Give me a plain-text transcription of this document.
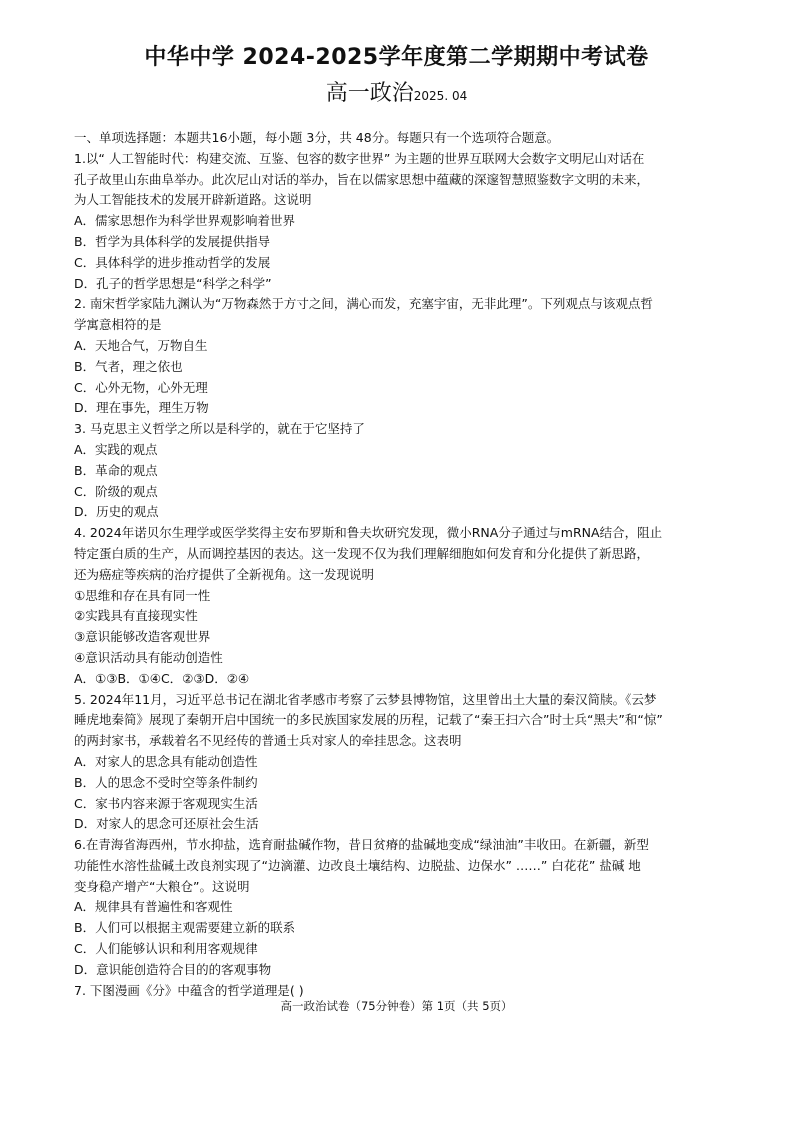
中华中学 2024-2025学年度第二学期期中考试卷
高一政治2025. 04
一、单项选择题：本题共16小题，每小题 3分，共 48分。每题只有一个选项符合题意。
1.以“ 人工智能时代：构建交流、互鉴、包容的数字世界” 为主题的世界互联网大会数字文明尼山对话在
孔子故里山东曲阜举办。此次尼山对话的举办，旨在以儒家思想中蕴藏的深邃智慧照鉴数字文明的未来，
为人工智能技术的发展开辟新道路。这说明
A．儒家思想作为科学世界观影响着世界
B．哲学为具体科学的发展提供指导
C．具体科学的进步推动哲学的发展
D．孔子的哲学思想是“科学之科学”
2. 南宋哲学家陆九渊认为“万物森然于方寸之间，满心而发，充塞宇宙，无非此理”。下列观点与该观点哲
学寓意相符的是
A．天地合气，万物自生
B．气者，理之依也
C．心外无物，心外无理
D．理在事先，理生万物
3. 马克思主义哲学之所以是科学的，就在于它坚持了
A．实践的观点
B．革命的观点
C．阶级的观点
D．历史的观点
4. 2024年诺贝尔生理学或医学奖得主安布罗斯和鲁夫坎研究发现，微小RNA分子通过与mRNA结合，阻止
特定蛋白质的生产，从而调控基因的表达。这一发现不仅为我们理解细胞如何发育和分化提供了新思路，
还为癌症等疾病的治疗提供了全新视角。这一发现说明
①思维和存在具有同一性
②实践具有直接现实性
③意识能够改造客观世界
④意识活动具有能动创造性
A．①③B．①④C．②③D．②④
5. 2024年11月，习近平总书记在湖北省孝感市考察了云梦县博物馆，这里曾出土大量的秦汉简牍。《云梦
睡虎地秦简》展现了秦朝开启中国统一的多民族国家发展的历程，记载了“秦王扫六合”时士兵“黑夫”和“惊”
的两封家书，承载着名不见经传的普通士兵对家人的牵挂思念。这表明
A．对家人的思念具有能动创造性
B．人的思念不受时空等条件制约
C．家书内容来源于客观现实生活
D．对家人的思念可还原社会生活
6.在青海省海西州，节水抑盐，选育耐盐碱作物，昔日贫瘠的盐碱地变成“绿油油”丰收田。在新疆，新型
功能性水溶性盐碱土改良剂实现了“边滴灌、边改良土壤结构、边脱盐、边保水” ……” 白花花” 盐碱 地
变身稳产增产“大粮仓”。这说明
A．规律具有普遍性和客观性
B．人们可以根据主观需要建立新的联系
C．人们能够认识和利用客观规律
D．意识能创造符合目的的客观事物
7. 下图漫画《分》中蕴含的哲学道理是( )
高一政治试卷（75分钟卷）第 1页（共 5页）
